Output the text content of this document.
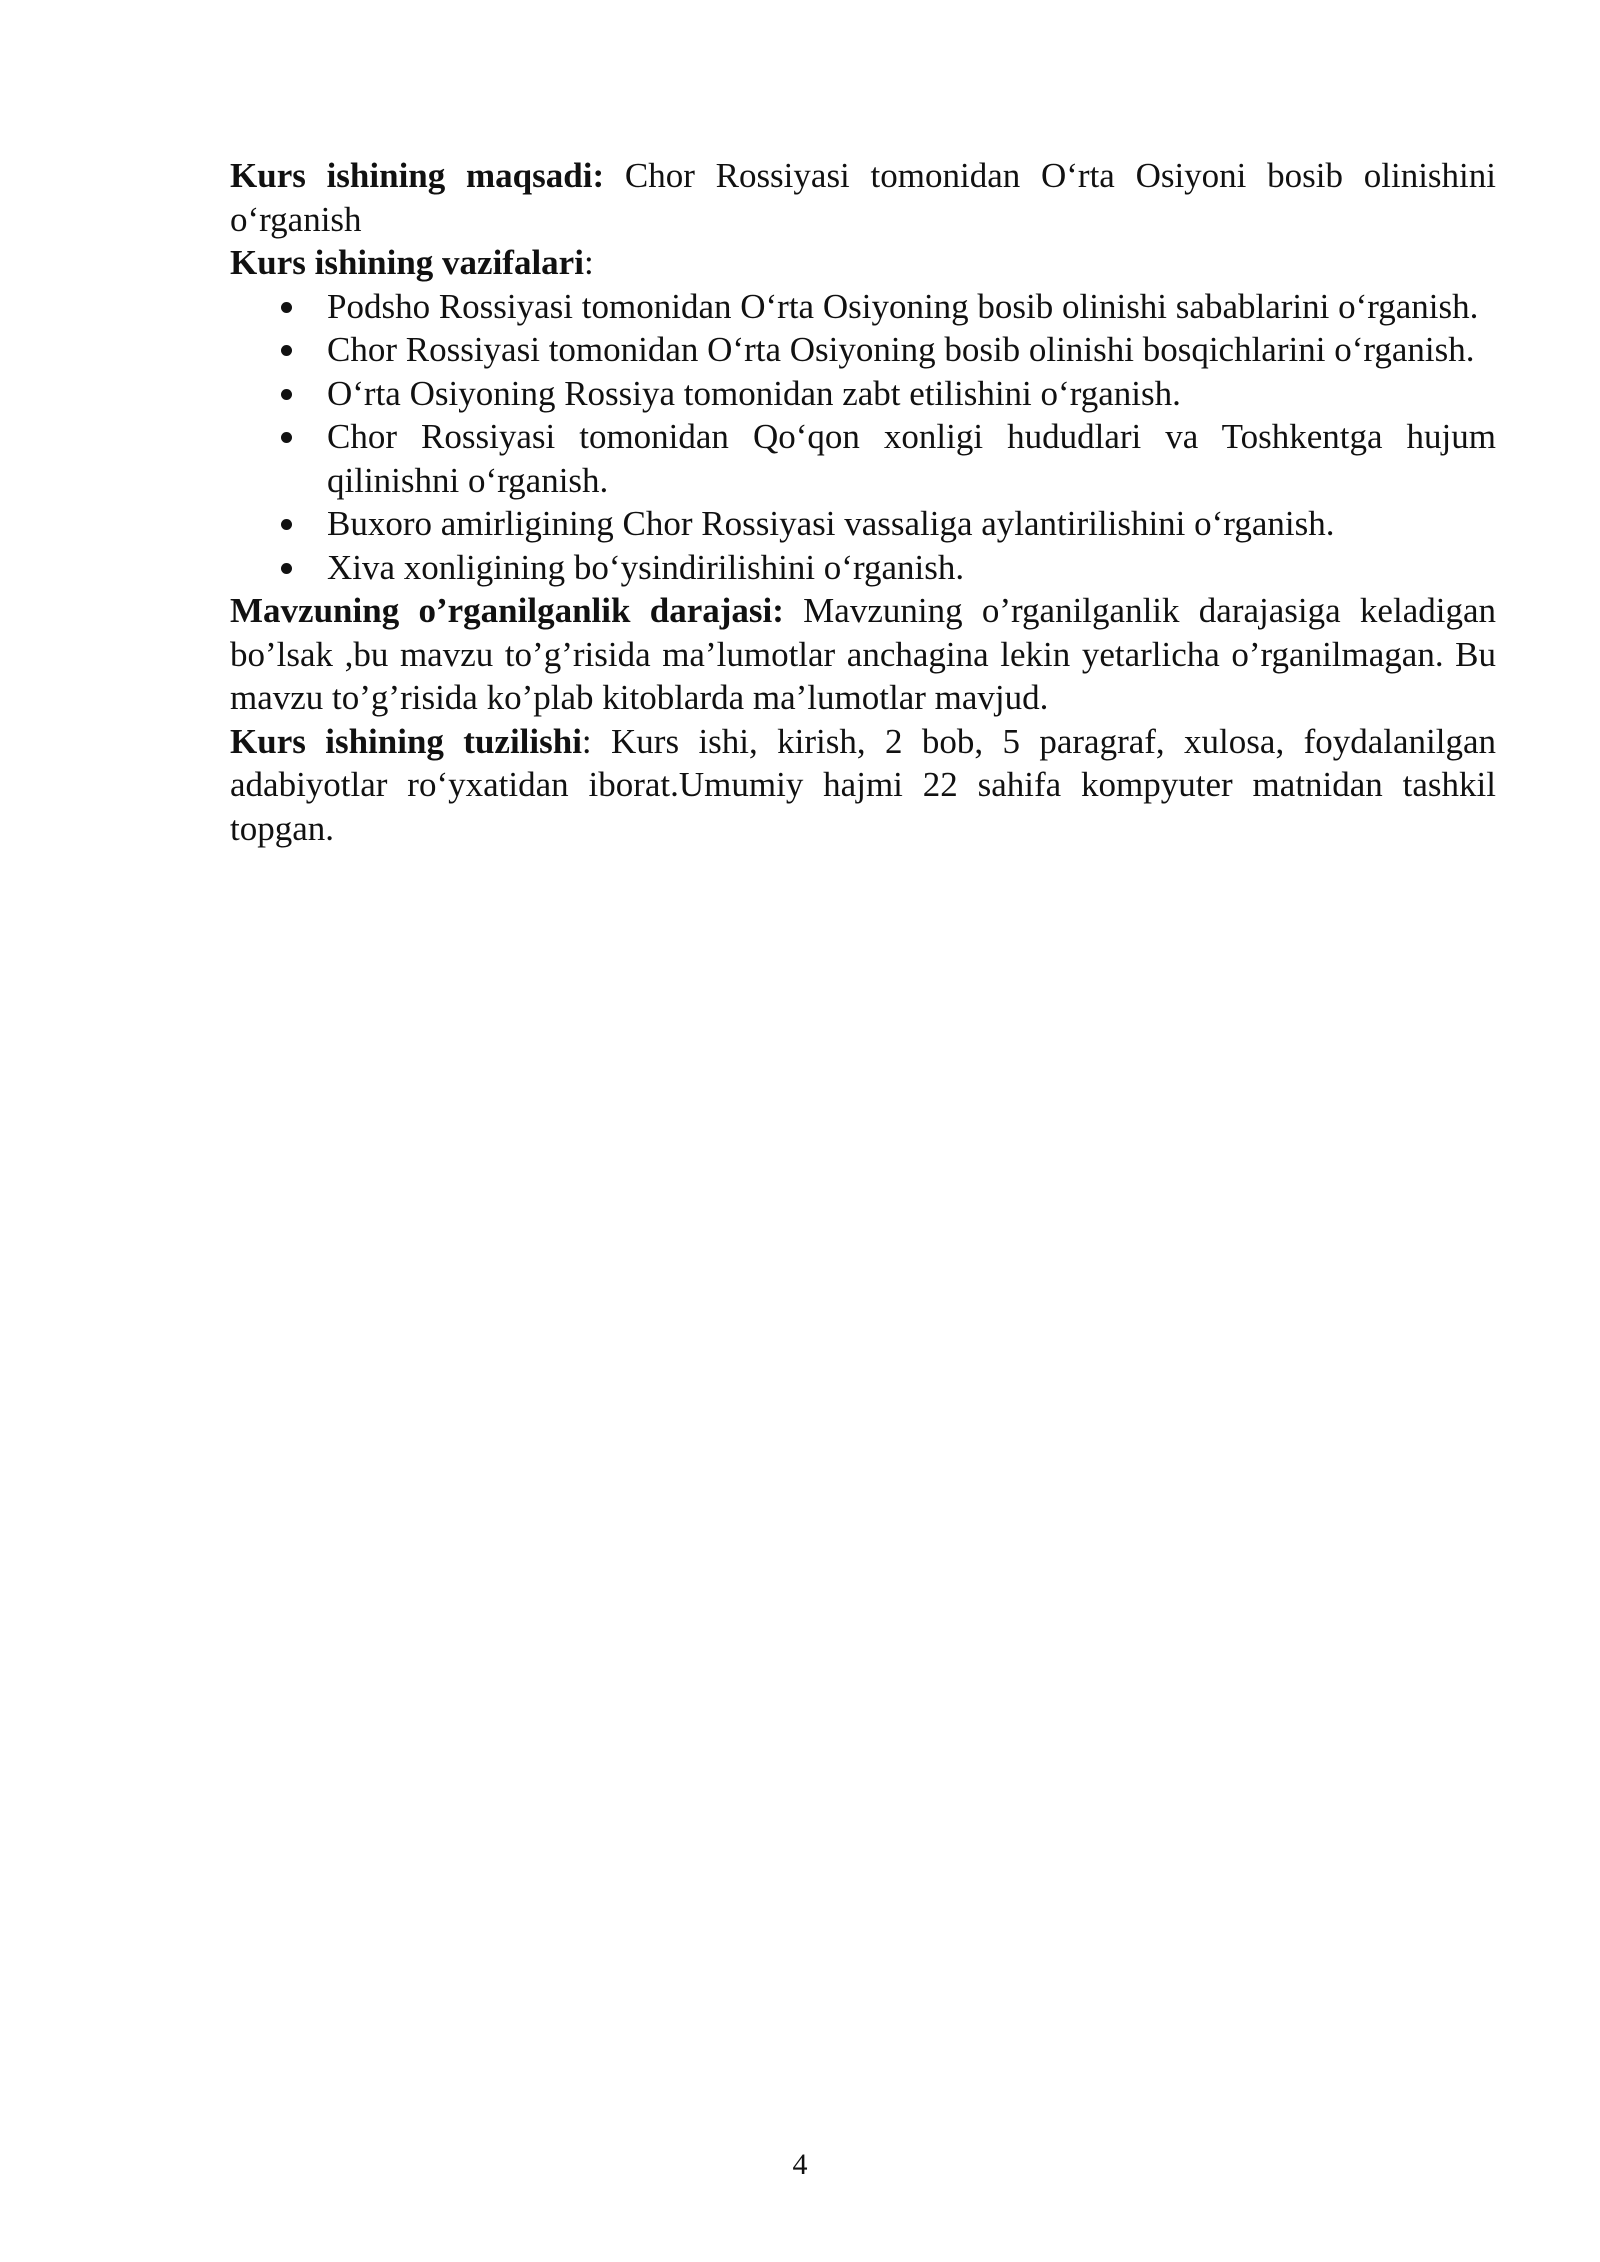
Kurs ishining maqsadi: Chor Rossiyasi tomonidan O‘rta Osiyoni bosib olinishini o‘rganish

Kurs ishining vazifalari:

Podsho Rossiyasi tomonidan O‘rta Osiyoning bosib olinishi sabablarini o‘rganish.
Chor Rossiyasi tomonidan O‘rta Osiyoning bosib olinishi bosqichlarini o‘rganish.
O‘rta Osiyoning Rossiya tomonidan zabt etilishini o‘rganish.
Chor Rossiyasi tomonidan Qo‘qon xonligi hududlari va Toshkentga hujum qilinishni o‘rganish.
Buxoro amirligining Chor Rossiyasi vassaliga aylantirilishini o‘rganish.
Xiva xonligining bo‘ysindirilishini o‘rganish.

Mavzuning o’rganilganlik darajasi: Mavzuning o’rganilganlik darajasiga keladigan bo’lsak ,bu mavzu to’g’risida ma’lumotlar anchagina lekin yetarlicha o’rganilmagan. Bu mavzu to’g’risida ko’plab kitoblarda ma’lumotlar mavjud.

Kurs ishining tuzilishi: Kurs ishi, kirish, 2 bob, 5 paragraf, xulosa, foydalanilgan adabiyotlar ro‘yxatidan iborat.Umumiy hajmi 22 sahifa kompyuter matnidan tashkil topgan.

4
